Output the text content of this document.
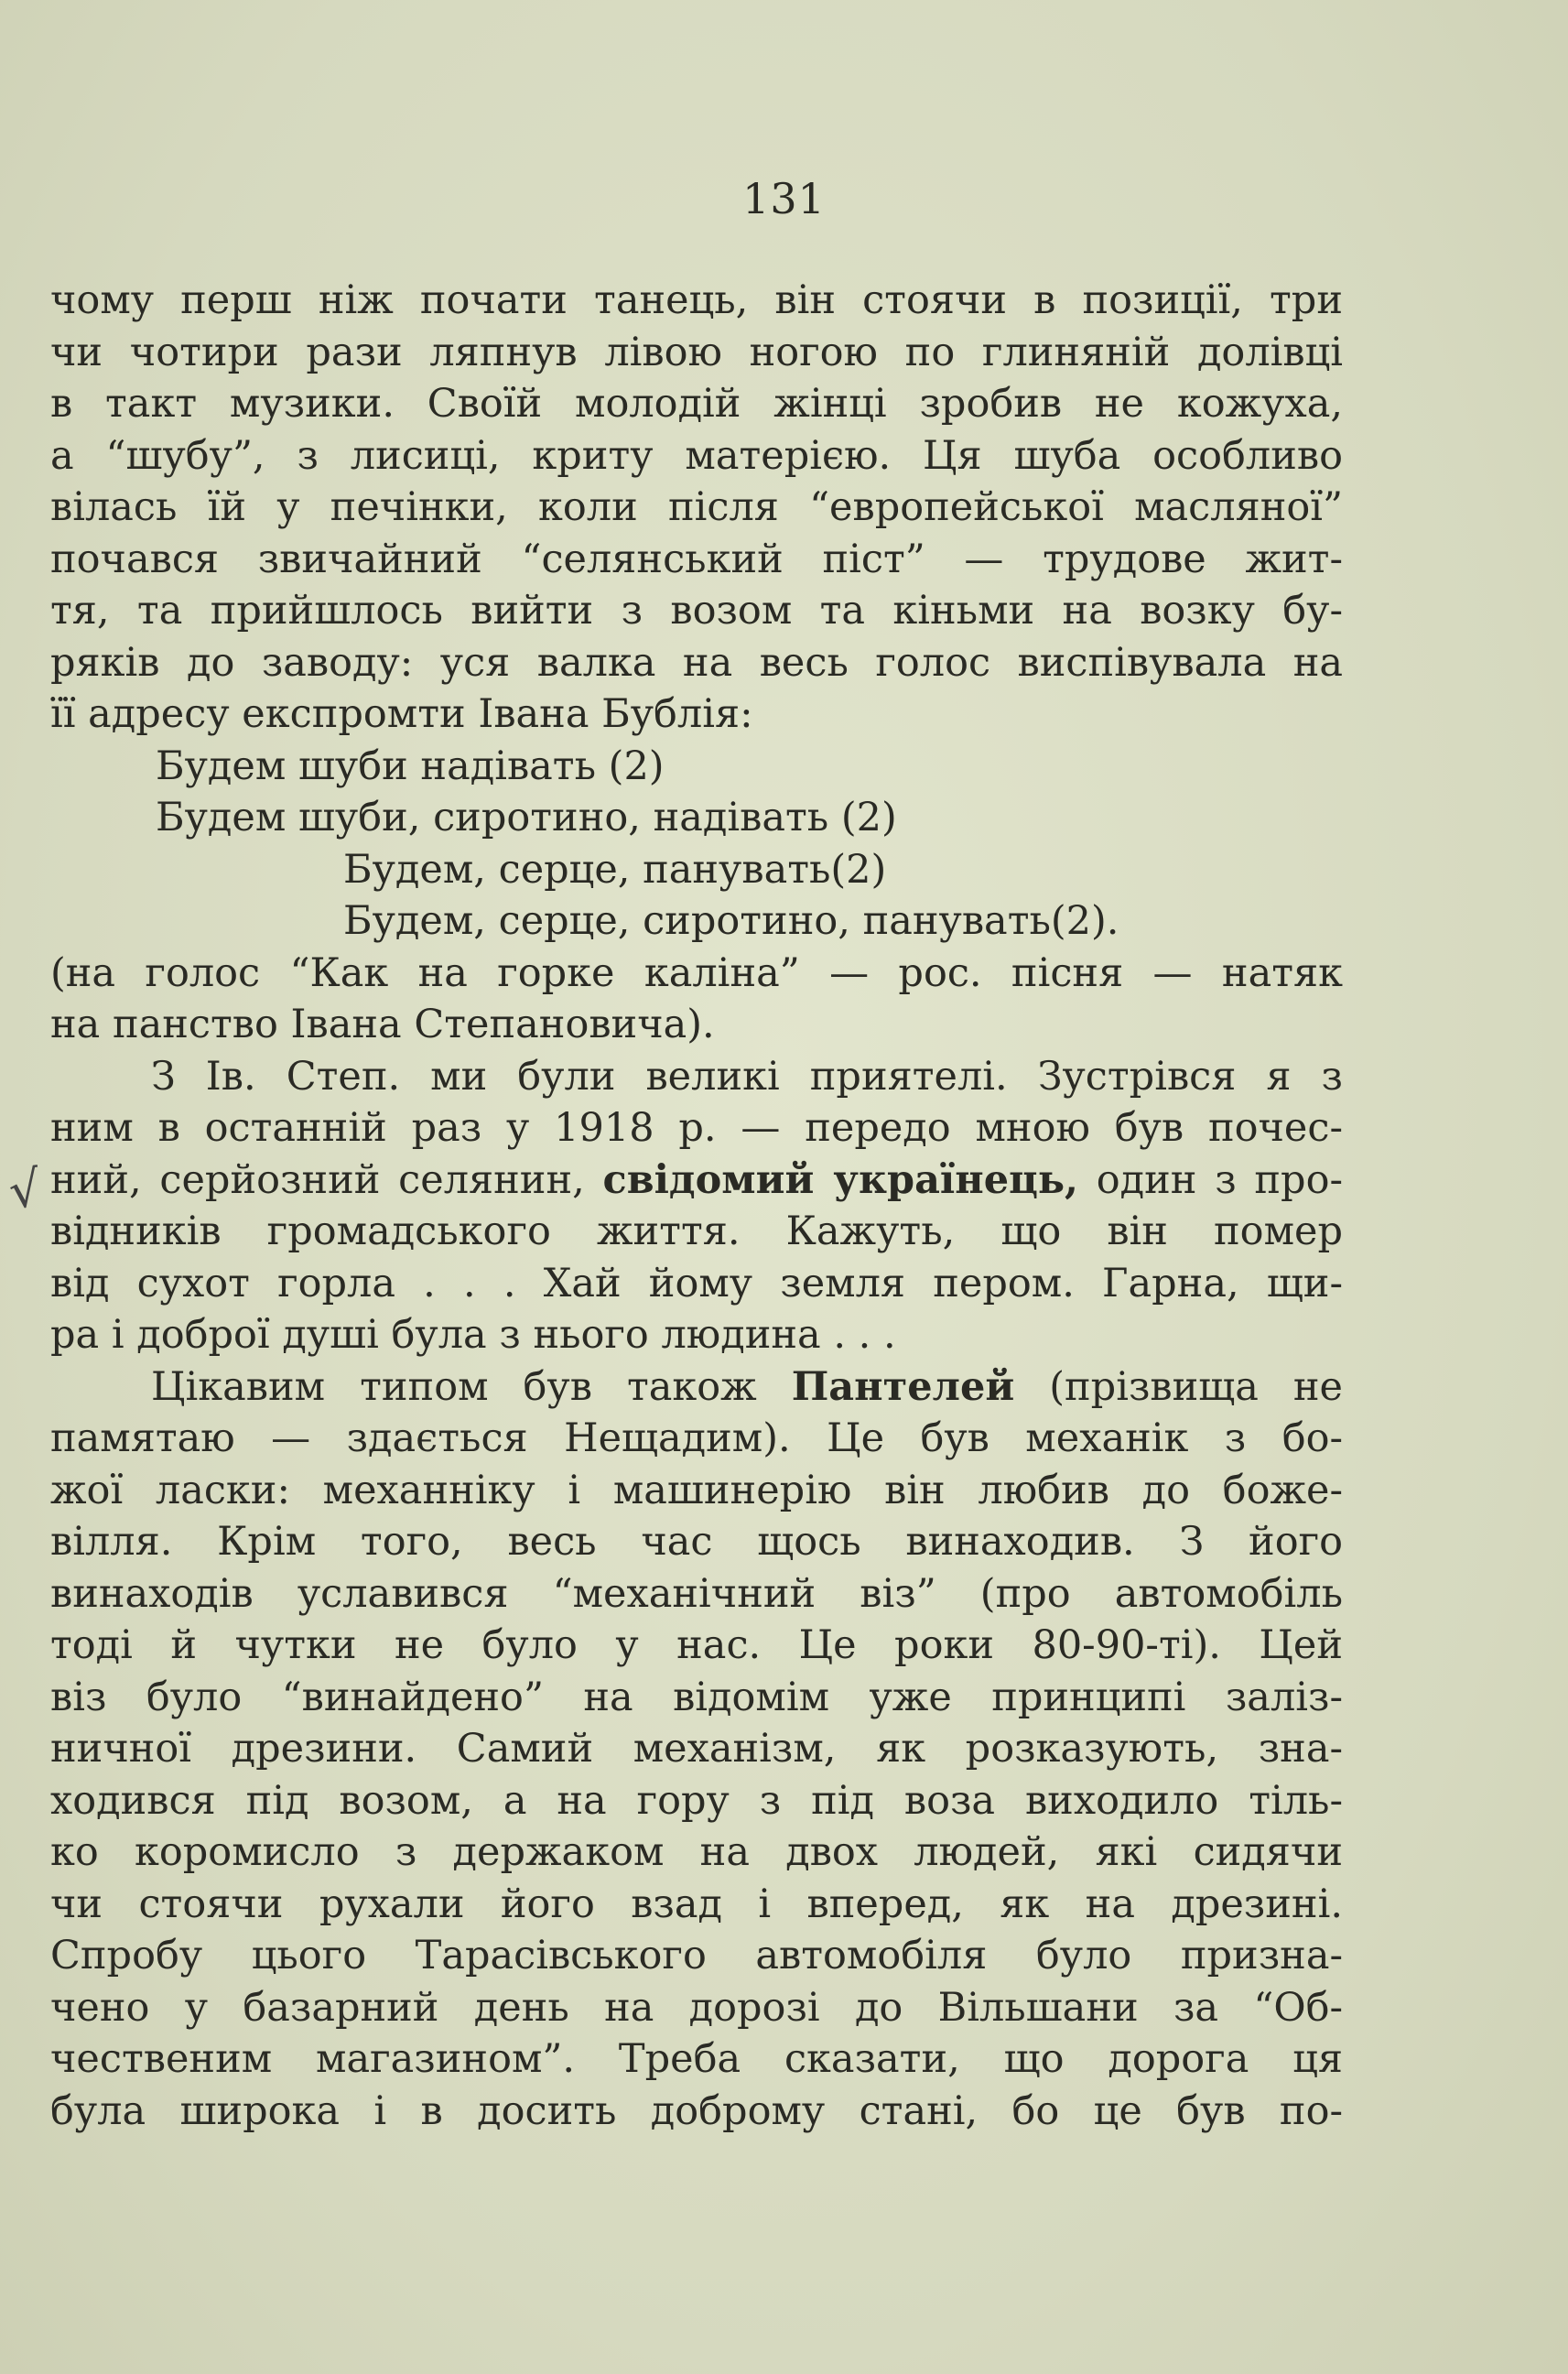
131
√
чому перш ніж почати танець, він стоячи в позиції, три
чи чотири рази ляпнув лівою ногою по глиняній долівці
в такт музики. Своїй молодій жінці зробив не кожуха,
а “шубу”, з лисиці, криту матерією. Ця шуба особливо
вілась їй у печінки, коли після “европейської масляної”
почався звичайний “селянський піст” — трудове жит-
тя, та прийшлось вийти з возом та кіньми на возку бу-
ряків до заводу: уся валка на весь голос виспівувала на
її адресу експромти Івана Бублія:
Будем шуби надівать (2)
Будем шуби, сиротино, надівать (2)
Будем, серце, панувать(2)
Будем, серце, сиротино, панувать(2).
(на голос “Как на горке каліна” — рос. пісня — натяк
на панство Івана Степановича).
З Ів. Степ. ми були великі приятелі. Зустрівся я з
ним в останній раз у 1918 р. — передо мною був почес-
ний, серйозний селянин, свідомий українець, один з про-
відників громадського життя. Кажуть, що він помер
від сухот горла . . . Хай йому земля пером. Гарна, щи-
ра і доброї душі була з нього людина . . .
Цікавим типом був також Пантелей (прізвища не
памятаю — здається Нещадим). Це був механік з бо-
жої ласки: механніку і машинерію він любив до боже-
вілля. Крім того, весь час щось винаходив. З його
винаходів уславився “механічний віз” (про автомобіль
тоді й чутки не було у нас. Це роки 80-90-ті). Цей
віз було “винайдено” на відомім уже принципі заліз-
ничної дрезини. Самий механізм, як розказують, зна-
ходився під возом, а на гору з під воза виходило тіль-
ко коромисло з держаком на двох людей, які сидячи
чи стоячи рухали його взад і вперед, як на дрезині.
Спробу цього Тарасівського автомобіля було призна-
чено у базарний день на дорозі до Вільшани за “Об-
чественим магазином”. Треба сказати, що дорога ця
була широка і в досить доброму стані, бо це був по-
